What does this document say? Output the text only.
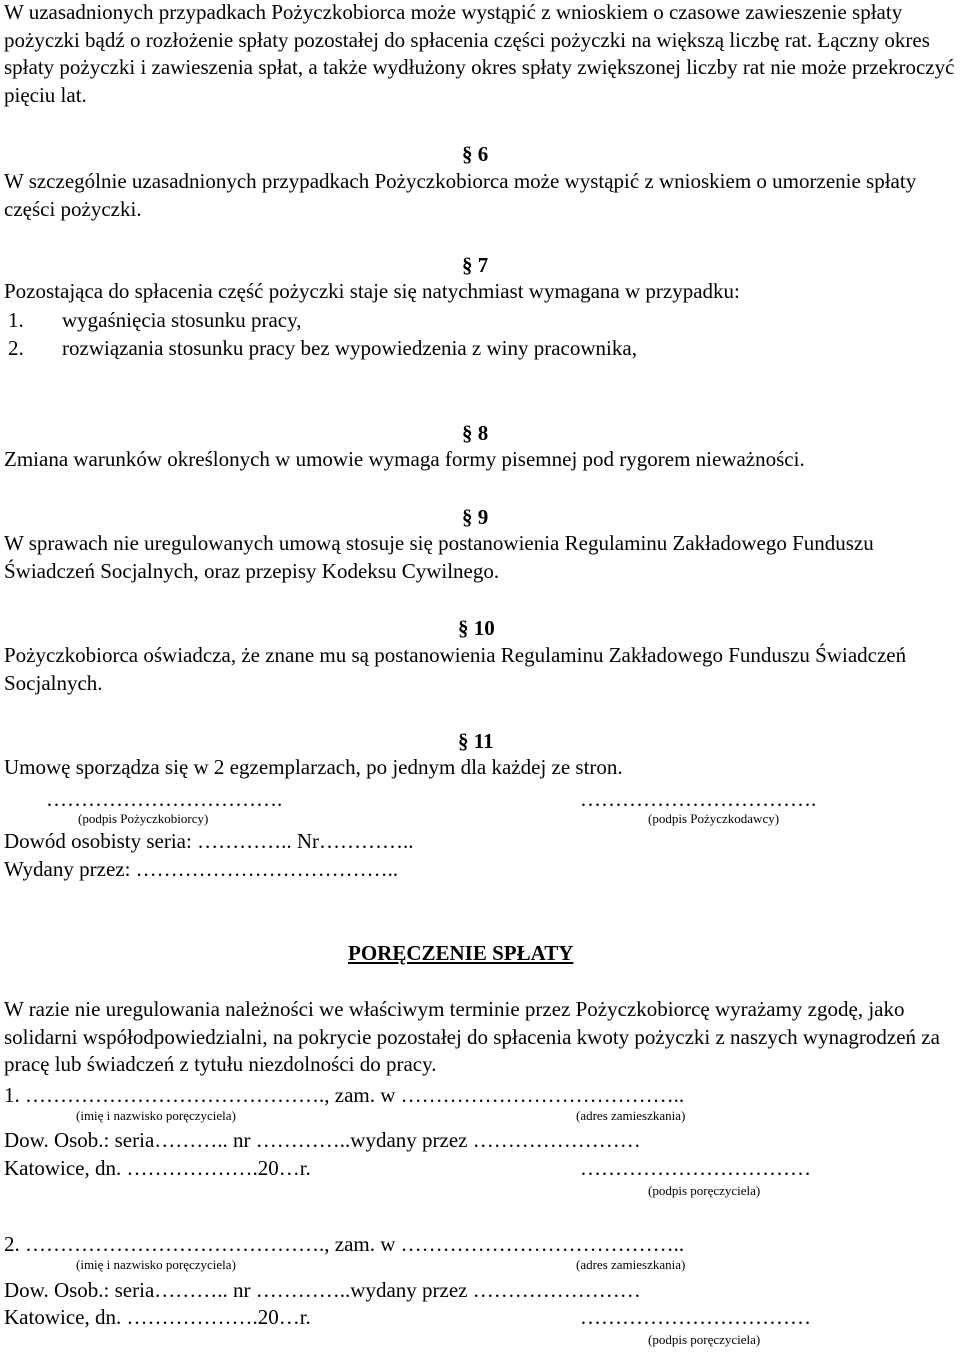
W uzasadnionych przypadkach Pożyczkobiorca może wystąpić z wnioskiem o czasowe zawieszenie spłaty pożyczki bądź o rozłożenie spłaty pozostałej do spłacenia części pożyczki na większą liczbę rat. Łączny okres spłaty pożyczki i zawieszenia spłat, a także wydłużony okres spłaty zwiększonej liczby rat nie może przekroczyć pięciu lat.
§ 6
W szczególnie uzasadnionych przypadkach Pożyczkobiorca może wystąpić z wnioskiem o umorzenie spłaty części pożyczki.
§ 7
Pozostająca do spłacenia część pożyczki staje się natychmiast wymagana w przypadku:
1. wygaśnięcia stosunku pracy,
2. rozwiązania stosunku pracy bez wypowiedzenia z winy pracownika,
§ 8
Zmiana warunków określonych w umowie wymaga formy pisemnej pod rygorem nieważności.
§ 9
W sprawach nie uregulowanych umową stosuje się postanowienia Regulaminu Zakładowego Funduszu Świadczeń Socjalnych, oraz przepisy Kodeksu Cywilnego.
§ 10
Pożyczkobiorca oświadcza, że znane mu są postanowienia Regulaminu Zakładowego Funduszu Świadczeń Socjalnych.
§ 11
Umowę sporządza się w 2 egzemplarzach, po jednym dla każdej ze stron.
…………………………….	…………………………….
(podpis Pożyczkobiorcy)	(podpis Pożyczkodawcy)
Dowód osobisty seria: ………….. Nr…………..
Wydany przez: ………………………………..
PORĘCZENIE SPŁATY
W razie nie uregulowania należności we właściwym terminie przez Pożyczkobiorcę wyrażamy zgodę, jako solidarni współodpowiedzialni, na pokrycie pozostałej do spłacenia kwoty pożyczki z naszych wynagrodzeń za pracę lub świadczeń z tytułu niezdolności do pracy.
1. ……………………………………., zam. w …………………………………..
(imię i nazwisko poręczyciela)	(adres zamieszkania)
Dow. Osob.: seria……….. nr …………..wydany przez ……………………
Katowice, dn. ……………….20…r.	……………………………
(podpis poręczyciela)
2. ……………………………………., zam. w …………………………………..
(imię i nazwisko poręczyciela)	(adres zamieszkania)
Dow. Osob.: seria……….. nr …………..wydany przez ……………………
Katowice, dn. ……………….20…r.	……………………………
(podpis poręczyciela)
